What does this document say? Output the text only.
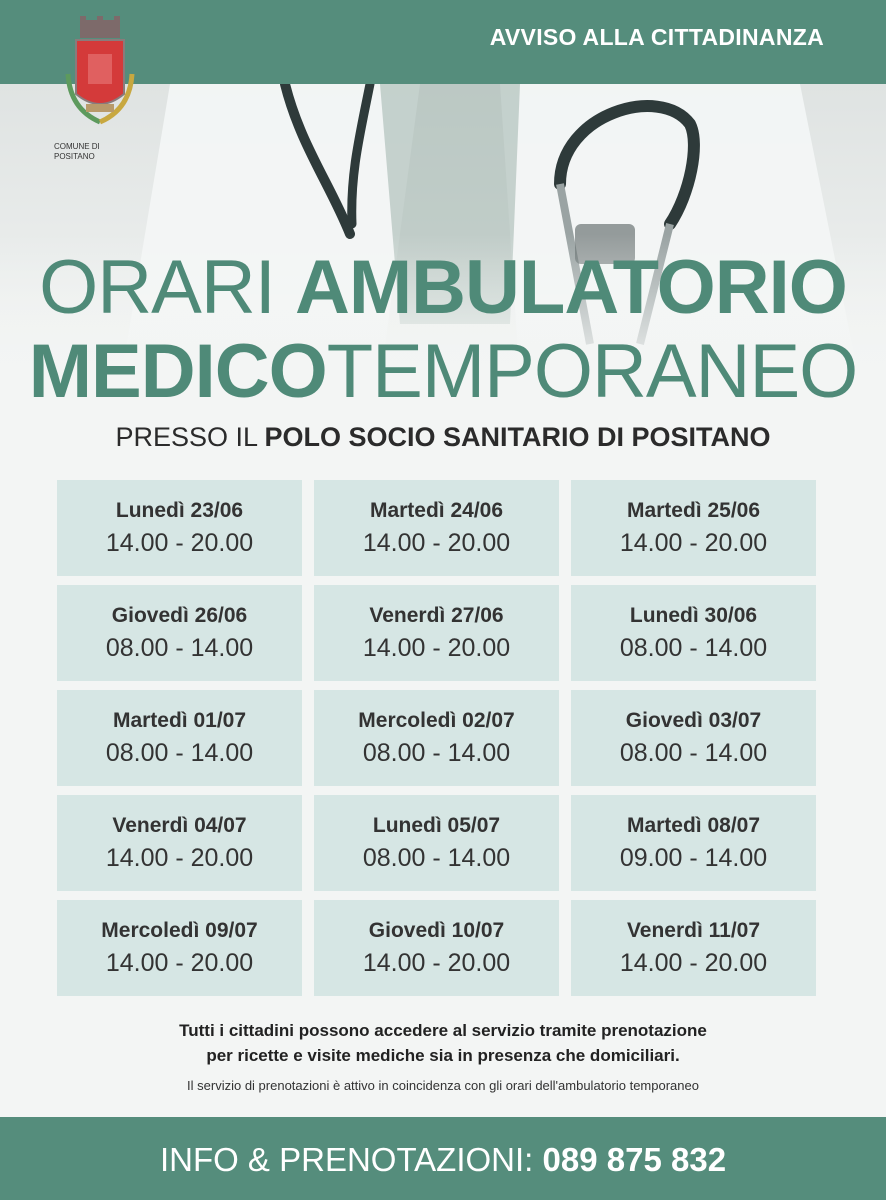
AVVISO ALLA CITTADINANZA
COMUNE DI
POSITANO
ORARI AMBULATORIO
MEDICOTEMPORANEO
PRESSO IL POLO SOCIO SANITARIO DI POSITANO
Lunedì 23/06
14.00 - 20.00
Martedì 24/06
14.00 - 20.00
Martedì 25/06
14.00 - 20.00
Giovedì 26/06
08.00 - 14.00
Venerdì 27/06
14.00 - 20.00
Lunedì 30/06
08.00 - 14.00
Martedì 01/07
08.00 - 14.00
Mercoledì 02/07
08.00 - 14.00
Giovedì 03/07
08.00 - 14.00
Venerdì 04/07
14.00 - 20.00
Lunedì 05/07
08.00 - 14.00
Martedì 08/07
09.00 - 14.00
Mercoledì 09/07
14.00 - 20.00
Giovedì 10/07
14.00 - 20.00
Venerdì 11/07
14.00 - 20.00
Tutti i cittadini possono accedere al servizio tramite prenotazione
per ricette e visite mediche sia in presenza che domiciliari.
Il servizio di prenotazioni è attivo in coincidenza con gli orari dell'ambulatorio temporaneo
INFO & PRENOTAZIONI: 089 875 832
